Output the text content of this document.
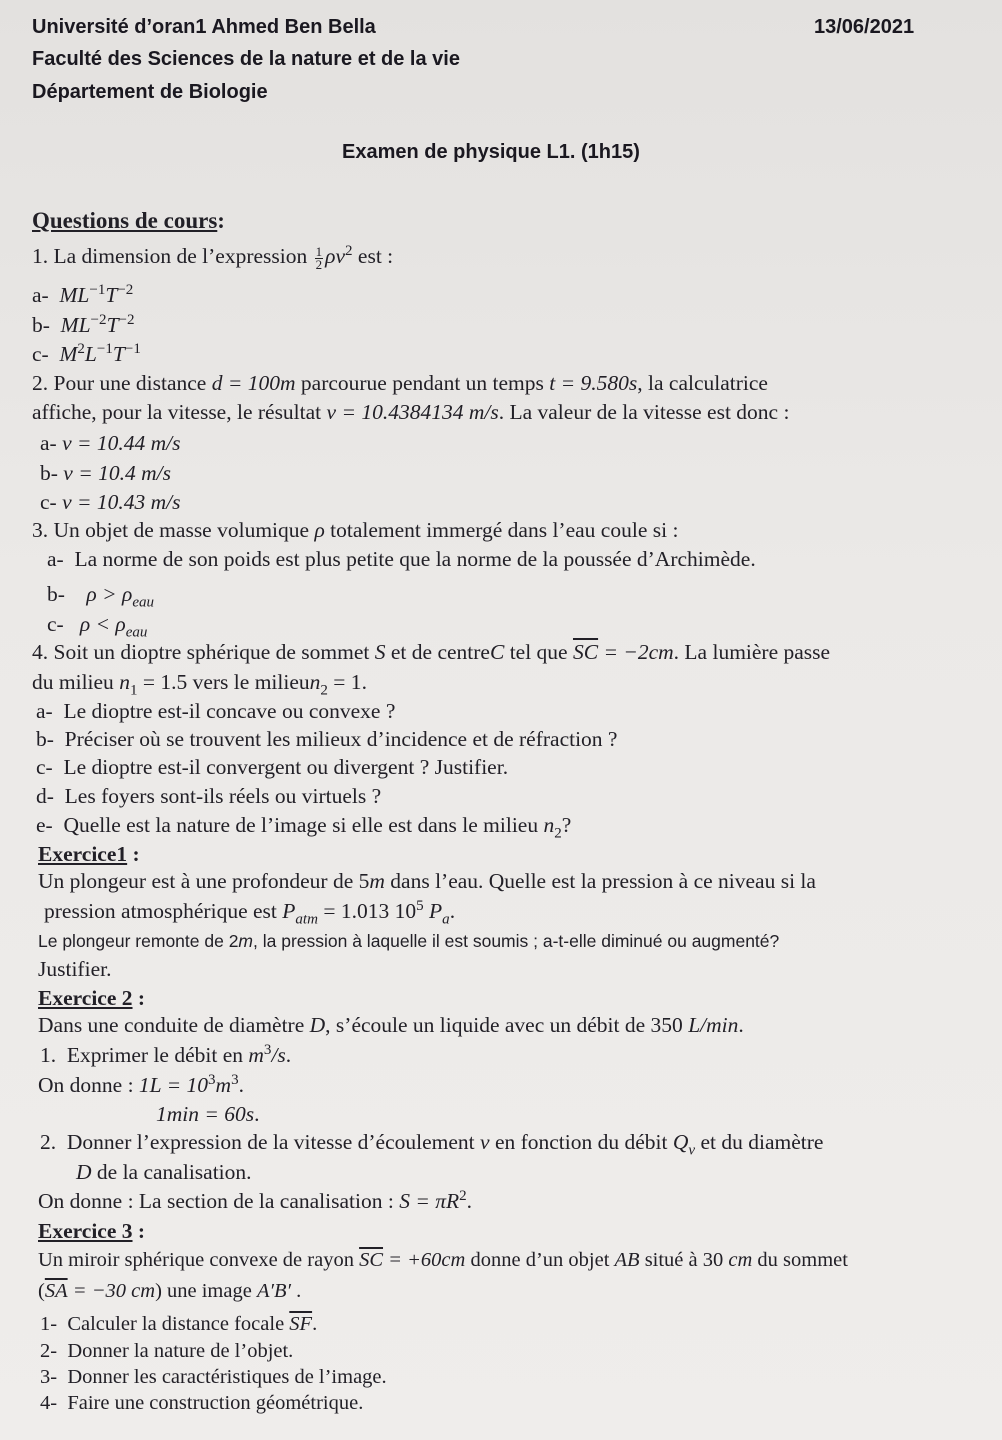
Université d’oran1 Ahmed Ben Bella	13/06/2021
Faculté des Sciences de la nature et de la vie
Département de Biologie
Examen de physique L1. (1h15)
Questions de cours:
1. La dimension de l’expression $\frac{1}{2} \rho v^2$ est :
a- $ML^{-1}T^{-2}$
b- $ML^{-2}T^{-2}$
c- $M^2L^{-1}T^{-1}$
2. Pour une distance d = 100m parcourue pendant un temps t = 9.580s, la calculatrice
affiche, pour la vitesse, le résultat v = 10.4384134 m/s. La valeur de la vitesse est donc :
a- v = 10.44 m/s
b- v = 10.4 m/s
c- v = 10.43 m/s
3. Un objet de masse volumique ρ totalement immergé dans l’eau coule si :
a- La norme de son poids est plus petite que la norme de la poussée d’Archimède.
b- $\rho > \rho_{eau}$
c- $\rho < \rho_{eau}$
4. Soit un dioptre sphérique de sommet S et de centreC tel que $\overline{SC} = -2cm$. La lumière passe
du milieu $n_1 = 1.5$ vers le milieun$_2$ = 1.
a- Le dioptre est-il concave ou convexe ?
b- Préciser où se trouvent les milieux d’incidence et de réfraction ?
c- Le dioptre est-il convergent ou divergent ? Justifier.
d- Les foyers sont-ils réels ou virtuels ?
e- Quelle est la nature de l’image si elle est dans le milieu $n_2$?
Exercice1 :
Un plongeur est à une profondeur de 5m dans l’eau. Quelle est la pression à ce niveau si la
pression atmosphérique est $P_{atm} = 1.013$ $10^5$ $P_a$.
Le plongeur remonte de 2m, la pression à laquelle il est soumis ; a-t-elle diminué ou augmenté?
Justifier.
Exercice 2 :
Dans une conduite de diamètre D, s’écoule un liquide avec un débit de 350 L/min.
1. Exprimer le débit en $m^3/s$.
On donne : $1L = 10^3m^3$.
1min = 60s.
2. Donner l’expression de la vitesse d’écoulement v en fonction du débit $Q_v$ et du diamètre
D de la canalisation.
On donne : La section de la canalisation : $S = \pi R^2$.
Exercice 3 :
Un miroir sphérique convexe de rayon $\overline{SC} = +60cm$ donne d’un objet AB situé à 30 cm du sommet
($\overline{SA} = -30$ cm) une image A′B′ .
1- Calculer la distance focale $\overline{SF}$.
2- Donner la nature de l’objet.
3- Donner les caractéristiques de l’image.
4- Faire une construction géométrique.
